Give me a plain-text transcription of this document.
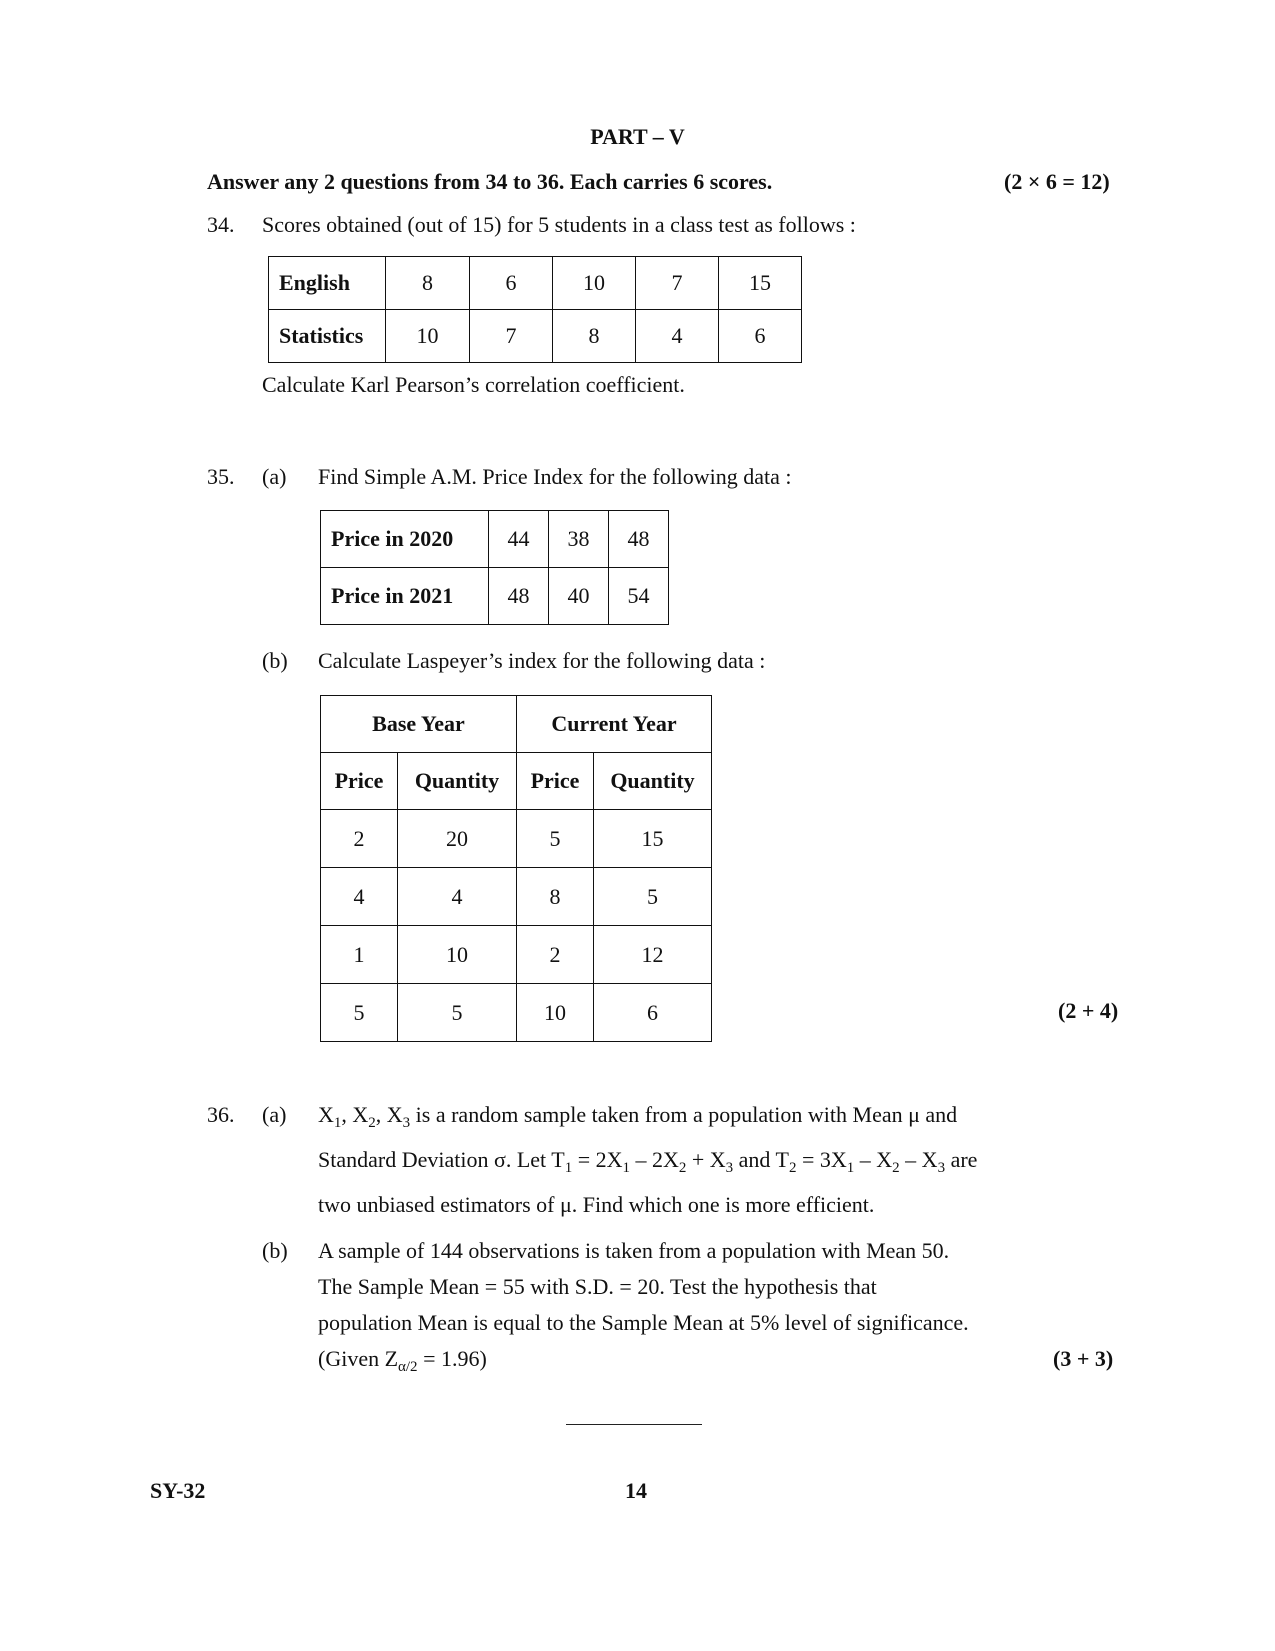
PART – V
Answer any 2 questions from 34 to 36. Each carries 6 scores.	(2 × 6 = 12)
34. Scores obtained (out of 15) for 5 students in a class test as follows :
English	8	6	10	7	15
Statistics	10	7	8	4	6
Calculate Karl Pearson’s correlation coefficient.
35. (a) Find Simple A.M. Price Index for the following data :
Price in 2020	44	38	48
Price in 2021	48	40	54
(b) Calculate Laspeyer’s index for the following data :
Base Year		Current Year	
Price	Quantity	Price	Quantity
2	20	5	15
4	4	8	5
1	10	2	12
5	5	10	6	(2 + 4)
36. (a) $X_1$, $X_2$, $X_3$ is a random sample taken from a population with Mean μ and
Standard Deviation σ. Let $T_1 = 2X_1 - 2X_2 + X_3$ and $T_2 = 3X_1 - X_2 - X_3$ are
two unbiased estimators of μ. Find which one is more efficient.
(b) A sample of 144 observations is taken from a population with Mean 50.
The Sample Mean = 55 with S.D. = 20. Test the hypothesis that
population Mean is equal to the Sample Mean at 5% level of significance.
(Given $Z_{\alpha/2} = 1.96$)	(3 + 3)
SY-32	14
